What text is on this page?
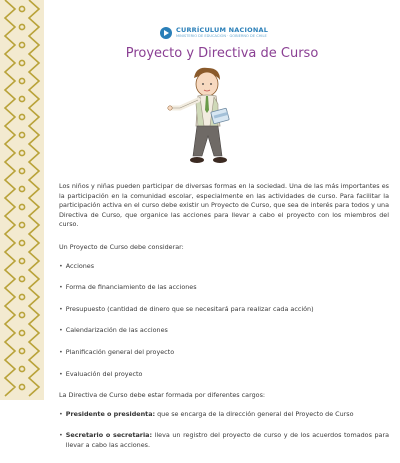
CURRÍCULUM NACIONAL
MINISTERIO DE EDUCACIÓN · GOBIERNO DE CHILE
Proyecto y Directiva de Curso

Los niños y niñas pueden participar de diversas formas en la sociedad. Una de las más importantes es la participación en la comunidad escolar, especialmente en las actividades de curso. Para facilitar la participación activa en el curso debe existir un Proyecto de Curso, que sea de interés para todos y una Directiva de Curso, que organice las acciones para llevar a cabo el proyecto con los miembros del curso.

Un Proyecto de Curso debe considerar:

• Acciones
• Forma de financiamiento de las acciones
• Presupuesto (cantidad de dinero que se necesitará para realizar cada acción)
• Calendarización de las acciones
• Planificación general del proyecto
• Evaluación del proyecto

La Directiva de Curso debe estar formada por diferentes cargos:

• Presidente o presidenta: que se encarga de la dirección general del Proyecto de Curso
• Secretario o secretaria: lleva un registro del proyecto de curso y de los acuerdos tomados para llevar a cabo las acciones.
